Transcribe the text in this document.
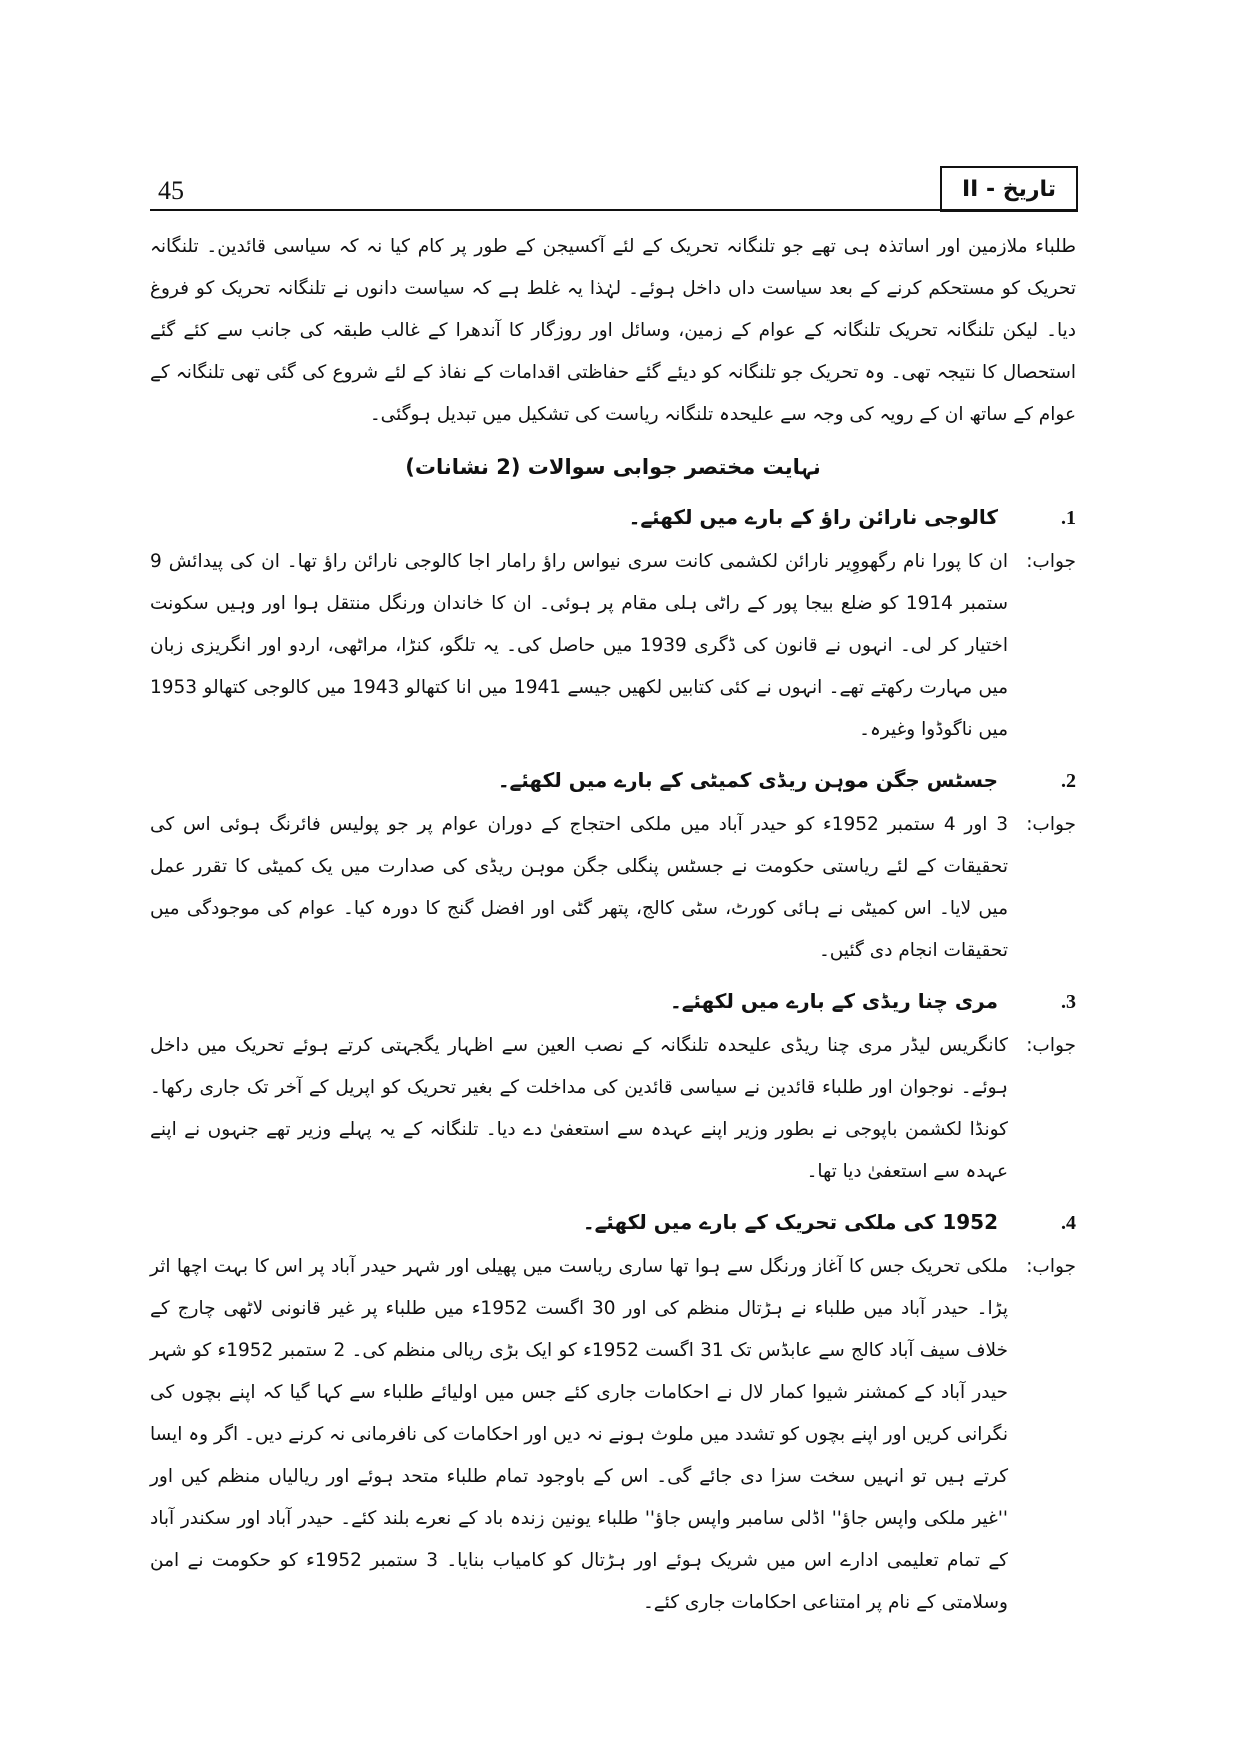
45	تاریخ - II

طلباء ملازمین اور اساتذہ ہی تھے جو تلنگانہ تحریک کے لئے آکسیجن کے طور پر کام کیا نہ کہ سیاسی قائدین۔ تلنگانہ تحریک کو مستحکم کرنے کے بعد سیاست داں داخل ہوئے۔ لہٰذا یہ غلط ہے کہ سیاست دانوں نے تلنگانہ تحریک کو فروغ دیا۔ لیکن تلنگانہ تحریک تلنگانہ کے عوام کے زمین، وسائل اور روزگار کا آندھرا کے غالب طبقہ کی جانب سے کئے گئے استحصال کا نتیجہ تھی۔ وہ تحریک جو تلنگانہ کو دیئے گئے حفاظتی اقدامات کے نفاذ کے لئے شروع کی گئی تھی تلنگانہ کے عوام کے ساتھ ان کے رویہ کی وجہ سے علیحدہ تلنگانہ ریاست کی تشکیل میں تبدیل ہوگئی۔

نہایت مختصر جوابی سوالات (2 نشانات)
1.
کالوجی نارائن راؤ کے بارے میں لکھئے۔
جواب:

ان کا پورا نام رگھووِیر نارائن لکشمی کانت سری نیواس راؤ رامار اجا کالوجی نارائن راؤ تھا۔ ان کی پیدائش 9 ستمبر 1914 کو ضلع بیجا پور کے راٹی ہلی مقام پر ہوئی۔ ان کا خاندان ورنگل منتقل ہوا اور وہیں سکونت اختیار کر لی۔ انہوں نے قانون کی ڈگری 1939 میں حاصل کی۔ یہ تلگو، کنڑا، مراٹھی، اردو اور انگریزی زبان میں مہارت رکھتے تھے۔ انہوں نے کئی کتابیں لکھیں جیسے 1941 میں انا کتھالو 1943 میں کالوجی کتھالو 1953 میں ناگوڈوا وغیرہ۔

2.
جسٹس جگن موہن ریڈی کمیٹی کے بارے میں لکھئے۔
جواب:

3 اور 4 ستمبر 1952ء کو حیدر آباد میں ملکی احتجاج کے دوران عوام پر جو پولیس فائرنگ ہوئی اس کی تحقیقات کے لئے ریاستی حکومت نے جسٹس پنگلی جگن موہن ریڈی کی صدارت میں یک کمیٹی کا تقرر عمل میں لایا۔ اس کمیٹی نے ہائی کورٹ، سٹی کالج، پتھر گٹی اور افضل گنج کا دورہ کیا۔ عوام کی موجودگی میں تحقیقات انجام دی گئیں۔

3.
مری چنا ریڈی کے بارے میں لکھئے۔
جواب:

کانگریس لیڈر مری چنا ریڈی علیحدہ تلنگانہ کے نصب العین سے اظہار یگجہتی کرتے ہوئے تحریک میں داخل ہوئے۔ نوجوان اور طلباء قائدین نے سیاسی قائدین کی مداخلت کے بغیر تحریک کو اپریل کے آخر تک جاری رکھا۔ کونڈا لکشمن باپوجی نے بطور وزیر اپنے عہدہ سے استعفیٰ دے دیا۔ تلنگانہ کے یہ پہلے وزیر تھے جنہوں نے اپنے عہدہ سے استعفیٰ دیا تھا۔

4.
1952 کی ملکی تحریک کے بارے میں لکھئے۔
جواب:

ملکی تحریک جس کا آغاز ورنگل سے ہوا تھا ساری ریاست میں پھیلی اور شہر حیدر آباد پر اس کا بہت اچھا اثر پڑا۔ حیدر آباد میں طلباء نے ہڑتال منظم کی اور 30 اگست 1952ء میں طلباء پر غیر قانونی لاٹھی چارج کے خلاف سیف آباد کالج سے عابڈس تک 31 اگست 1952ء کو ایک بڑی ریالی منظم کی۔ 2 ستمبر 1952ء کو شہر حیدر آباد کے کمشنر شیوا کمار لال نے احکامات جاری کئے جس میں اولیائے طلباء سے کہا گیا کہ اپنے بچوں کی نگرانی کریں اور اپنے بچوں کو تشدد میں ملوث ہونے نہ دیں اور احکامات کی نافرمانی نہ کرنے دیں۔ اگر وہ ایسا کرتے ہیں تو انہیں سخت سزا دی جائے گی۔ اس کے باوجود تمام طلباء متحد ہوئے اور ریالیاں منظم کیں اور ''غیر ملکی واپس جاؤ'' اڈلی سامبر واپس جاؤ'' طلباء یونین زندہ باد کے نعرے بلند کئے۔ حیدر آباد اور سکندر آباد کے تمام تعلیمی ادارے اس میں شریک ہوئے اور ہڑتال کو کامیاب بنایا۔ 3 ستمبر 1952ء کو حکومت نے امن وسلامتی کے نام پر امتناعی احکامات جاری کئے۔
